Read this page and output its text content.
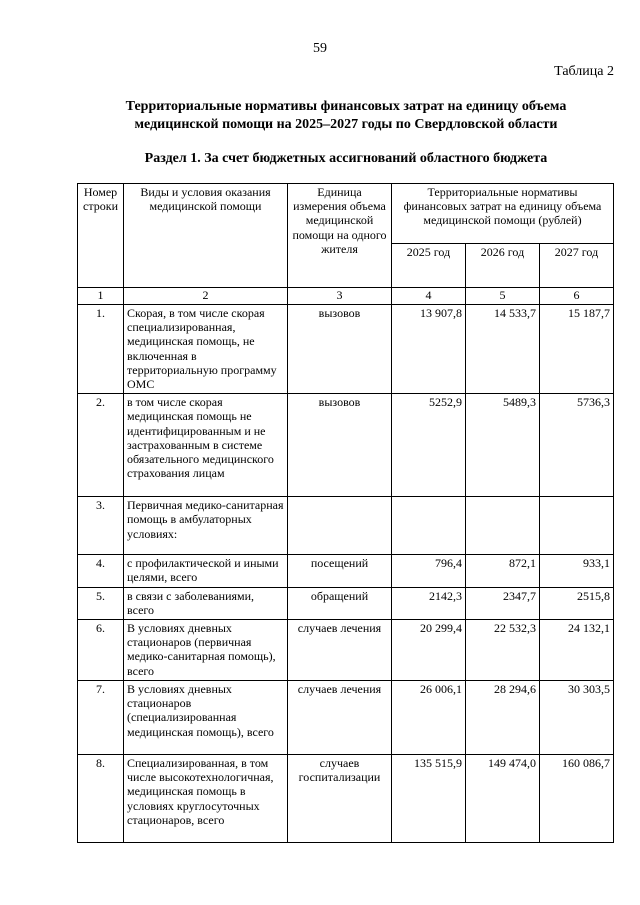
59
Таблица 2
Территориальные нормативы финансовых затрат на единицу объема
медицинской помощи на 2025–2027 годы по Свердловской области
Раздел 1. За счет бюджетных ассигнований областного бюджета
Номер строки	Виды и условия оказания медицинской помощи	Единица измерения объема медицинской помощи на одного жителя	Территориальные нормативы финансовых затрат на единицу объема медицинской помощи (рублей)		
			2025 год	2026 год	2027 год
1	2	3	4	5	6
1.	Скорая, в том числе скорая специализированная, медицинская помощь, не включенная в территориальную программу ОМС	вызовов	13 907,8	14 533,7	15 187,7
2.	в том числе скорая медицинская помощь не идентифицированным и не застрахованным в системе обязательного медицинского страхования лицам	вызовов	5252,9	5489,3	5736,3
3.	Первичная медико-санитарная помощь в амбулаторных условиях:				
4.	с профилактической и иными целями, всего	посещений	796,4	872,1	933,1
5.	в связи с заболеваниями, всего	обращений	2142,3	2347,7	2515,8
6.	В условиях дневных стационаров (первичная медико-санитарная помощь), всего	случаев лечения	20 299,4	22 532,3	24 132,1
7.	В условиях дневных стационаров (специализированная медицинская помощь), всего	случаев лечения	26 006,1	28 294,6	30 303,5
8.	Специализированная, в том числе высокотехнологичная, медицинская помощь в условиях круглосуточных стационаров, всего	случаев госпитализации	135 515,9	149 474,0	160 086,7
